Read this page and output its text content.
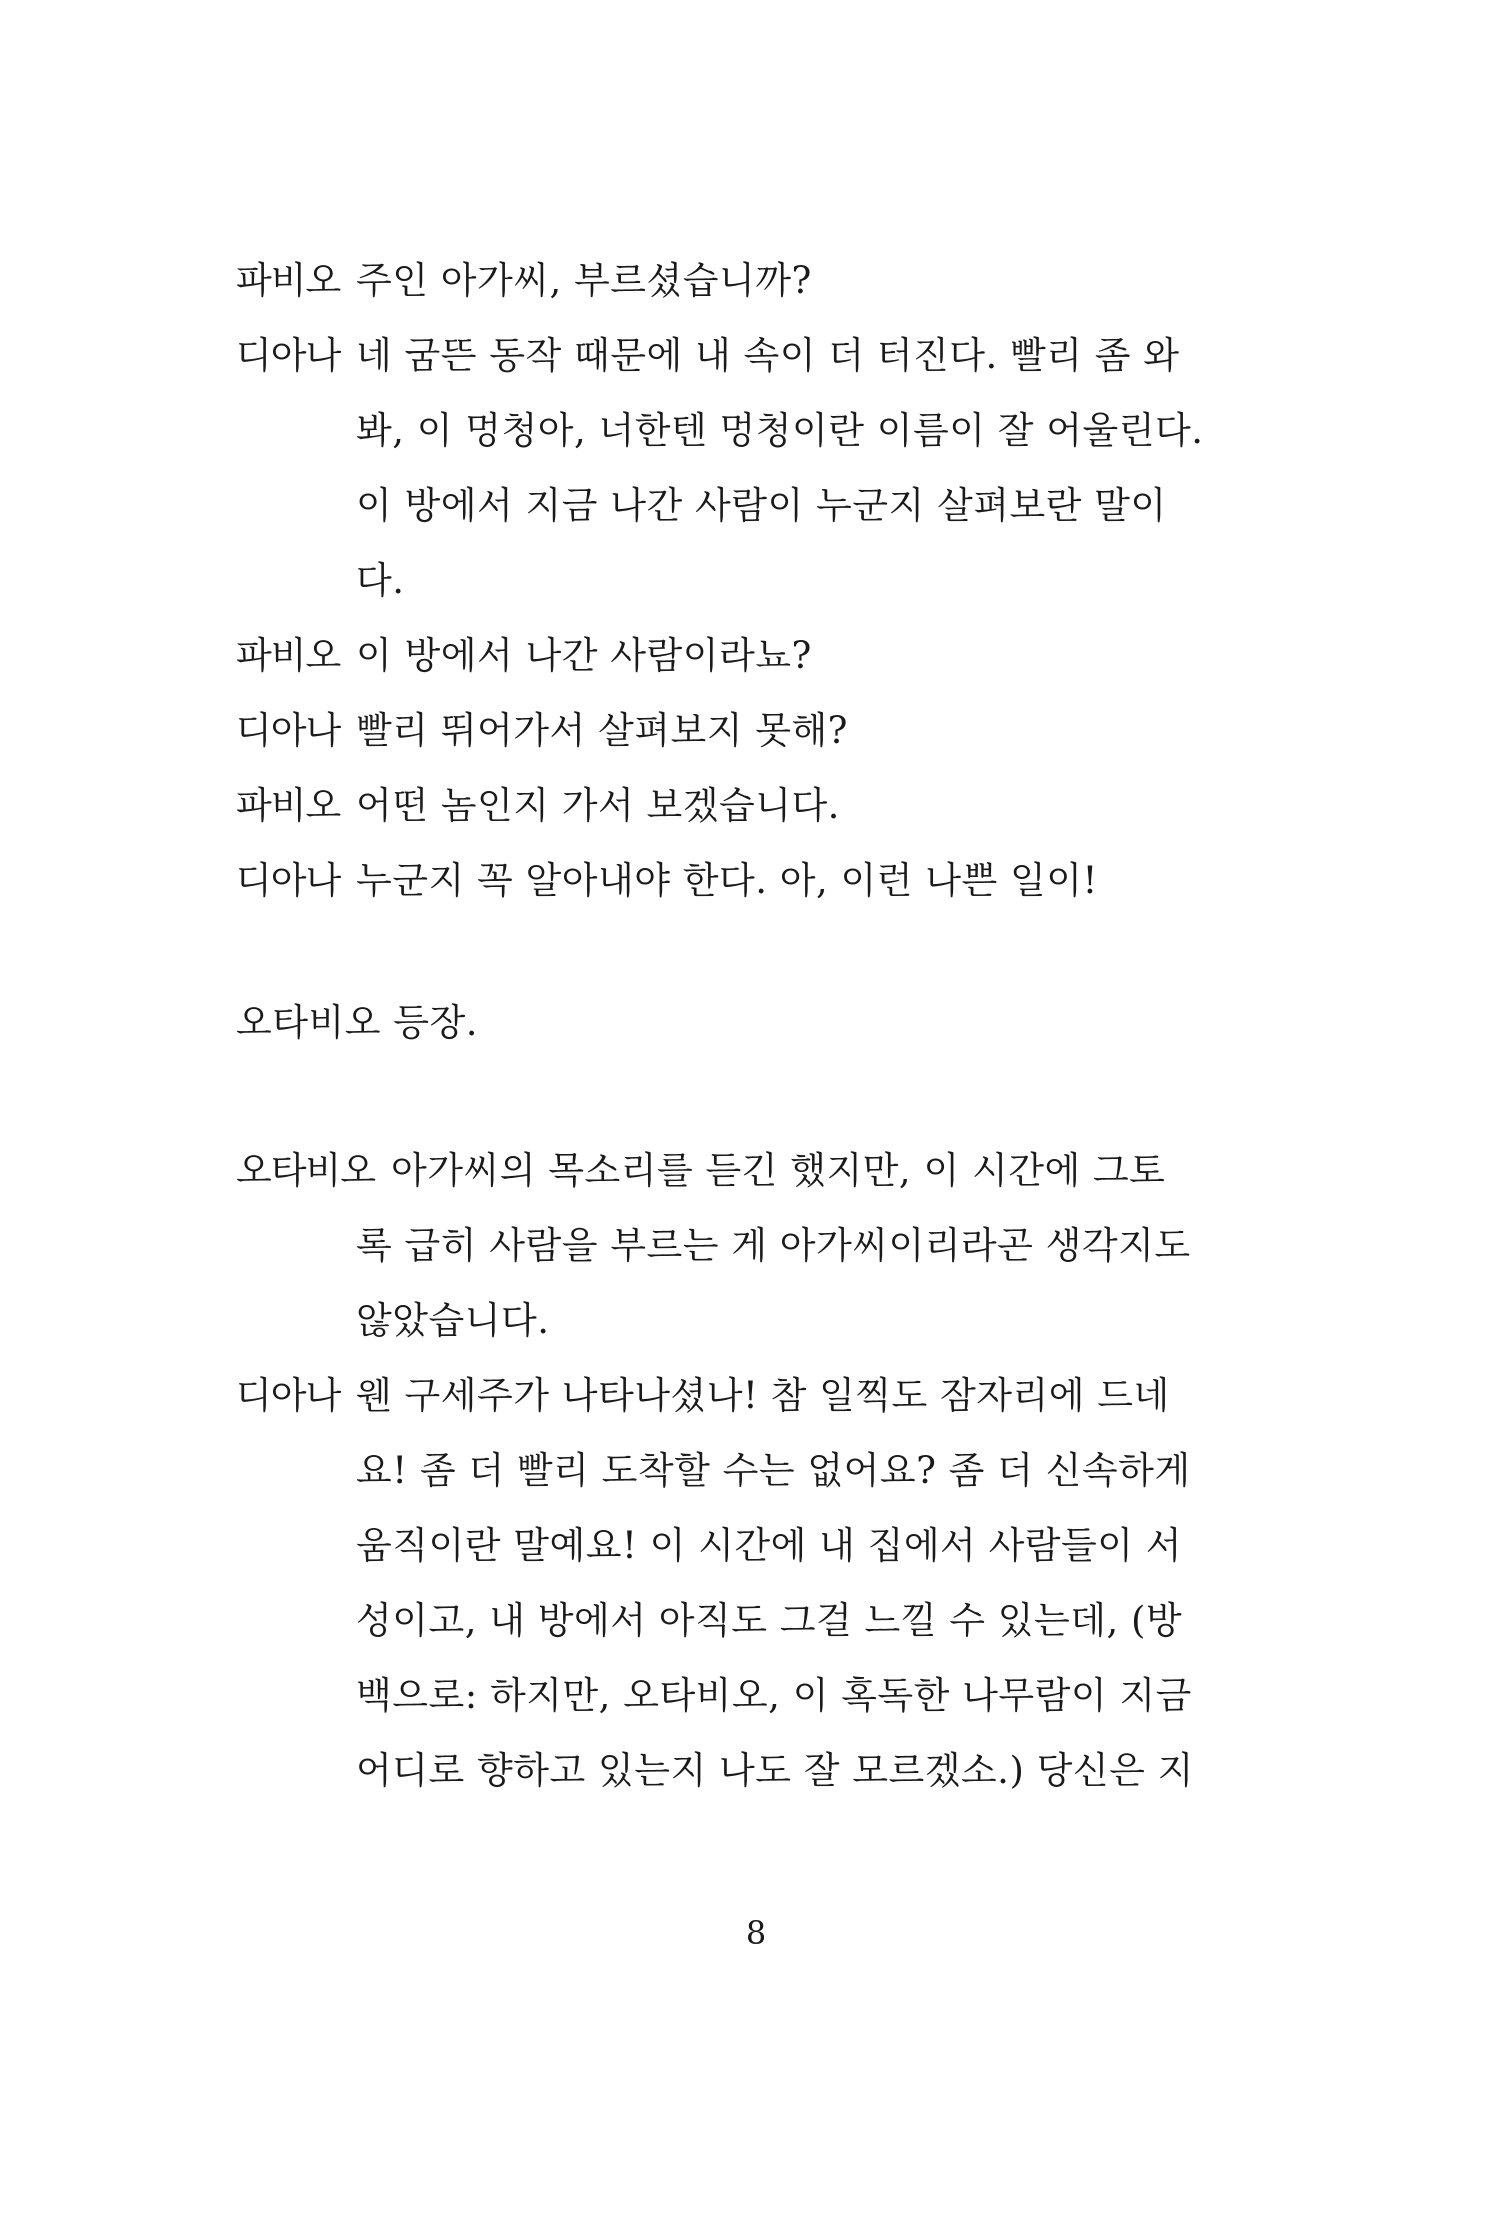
파비오 주인 아가씨, 부르셨습니까?
디아나 네 굼뜬 동작 때문에 내 속이 더 터진다. 빨리 좀 와
봐, 이 멍청아, 너한텐 멍청이란 이름이 잘 어울린다.
이 방에서 지금 나간 사람이 누군지 살펴보란 말이
다.
파비오 이 방에서 나간 사람이라뇨?
디아나 빨리 뛰어가서 살펴보지 못해?
파비오 어떤 놈인지 가서 보겠습니다.
디아나 누군지 꼭 알아내야 한다. 아, 이런 나쁜 일이!
오타비오 등장.
오타비오 아가씨의 목소리를 듣긴 했지만, 이 시간에 그토
록 급히 사람을 부르는 게 아가씨이리라곤 생각지도
않았습니다.
디아나 웬 구세주가 나타나셨나! 참 일찍도 잠자리에 드네
요! 좀 더 빨리 도착할 수는 없어요? 좀 더 신속하게
움직이란 말예요! 이 시간에 내 집에서 사람들이 서
성이고, 내 방에서 아직도 그걸 느낄 수 있는데, (방
백으로: 하지만, 오타비오, 이 혹독한 나무람이 지금
어디로 향하고 있는지 나도 잘 모르겠소.) 당신은 지
8
